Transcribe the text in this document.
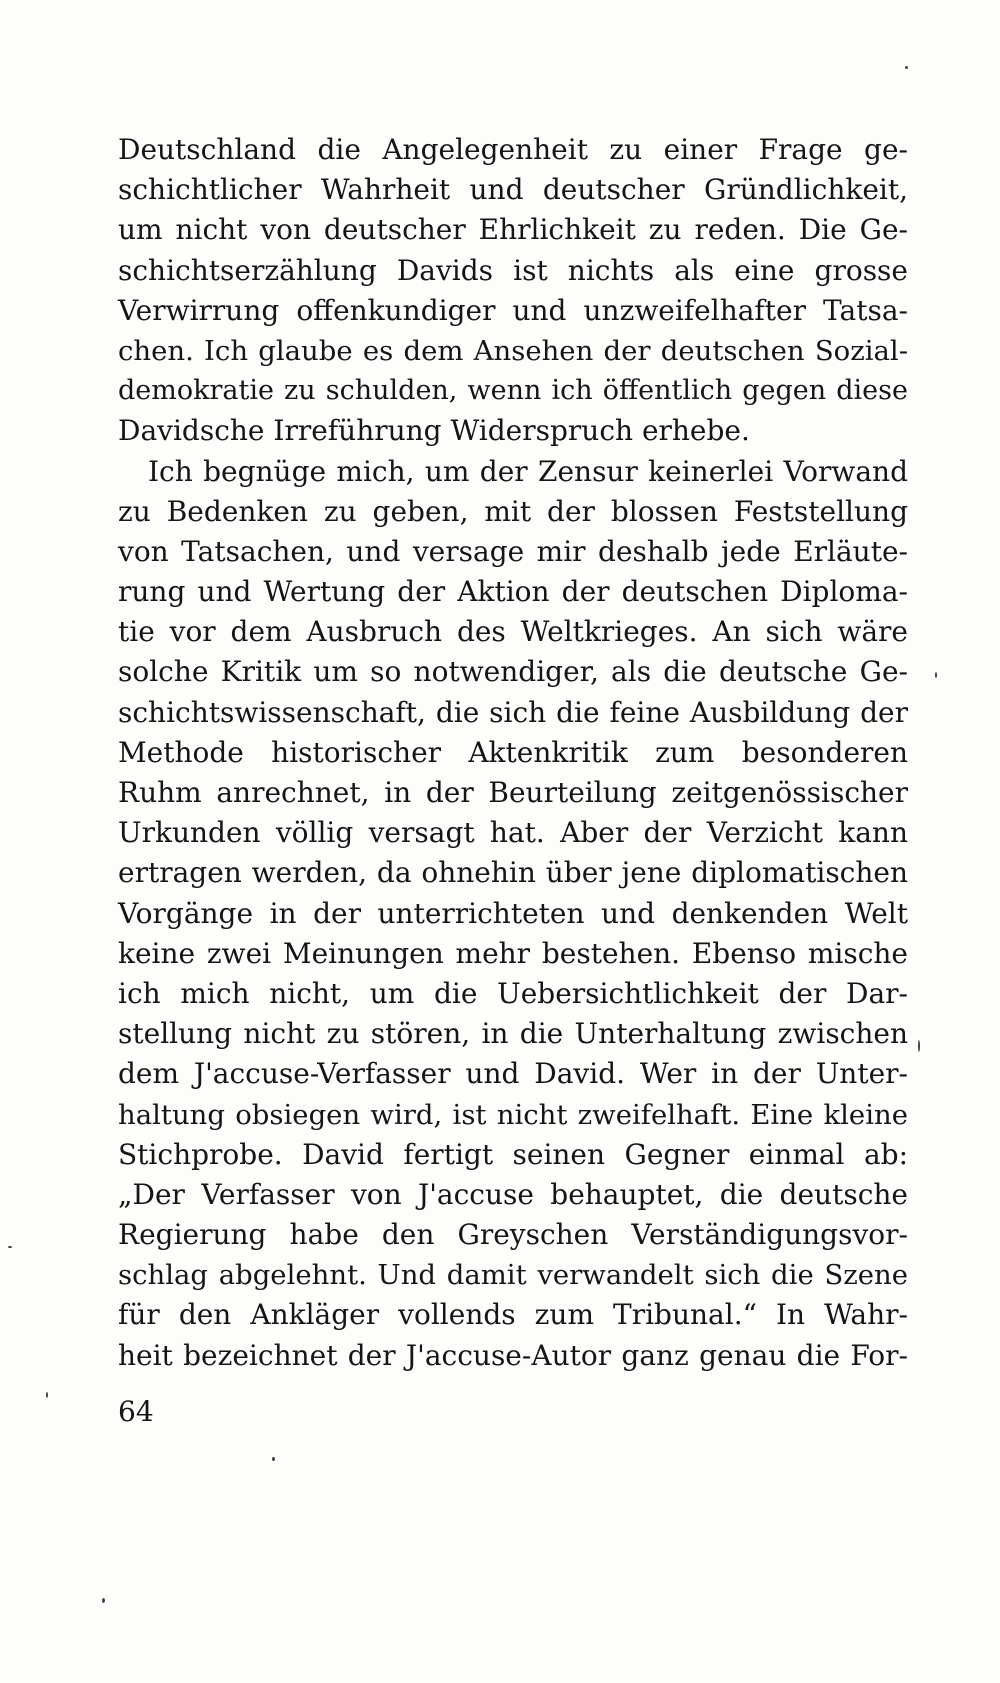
Deutschland die Angelegenheit zu einer Frage ge-
schichtlicher Wahrheit und deutscher Gründlichkeit,
um nicht von deutscher Ehrlichkeit zu reden. Die Ge-
schichtserzählung Davids ist nichts als eine grosse
Verwirrung offenkundiger und unzweifelhafter Tatsa-
chen. Ich glaube es dem Ansehen der deutschen Sozial-
demokratie zu schulden, wenn ich öffentlich gegen diese
Davidsche Irreführung Widerspruch erhebe.
Ich begnüge mich, um der Zensur keinerlei Vorwand
zu Bedenken zu geben, mit der blossen Feststellung
von Tatsachen, und versage mir deshalb jede Erläute-
rung und Wertung der Aktion der deutschen Diploma-
tie vor dem Ausbruch des Weltkrieges. An sich wäre
solche Kritik um so notwendiger, als die deutsche Ge-
schichtswissenschaft, die sich die feine Ausbildung der
Methode historischer Aktenkritik zum besonderen
Ruhm anrechnet, in der Beurteilung zeitgenössischer
Urkunden völlig versagt hat. Aber der Verzicht kann
ertragen werden, da ohnehin über jene diplomatischen
Vorgänge in der unterrichteten und denkenden Welt
keine zwei Meinungen mehr bestehen. Ebenso mische
ich mich nicht, um die Uebersichtlichkeit der Dar-
stellung nicht zu stören, in die Unterhaltung zwischen
dem J'accuse-Verfasser und David. Wer in der Unter-
haltung obsiegen wird, ist nicht zweifelhaft. Eine kleine
Stichprobe. David fertigt seinen Gegner einmal ab:
„Der Verfasser von J'accuse behauptet, die deutsche
Regierung habe den Greyschen Verständigungsvor-
schlag abgelehnt. Und damit verwandelt sich die Szene
für den Ankläger vollends zum Tribunal.“ In Wahr-
heit bezeichnet der J'accuse-Autor ganz genau die For-
64
